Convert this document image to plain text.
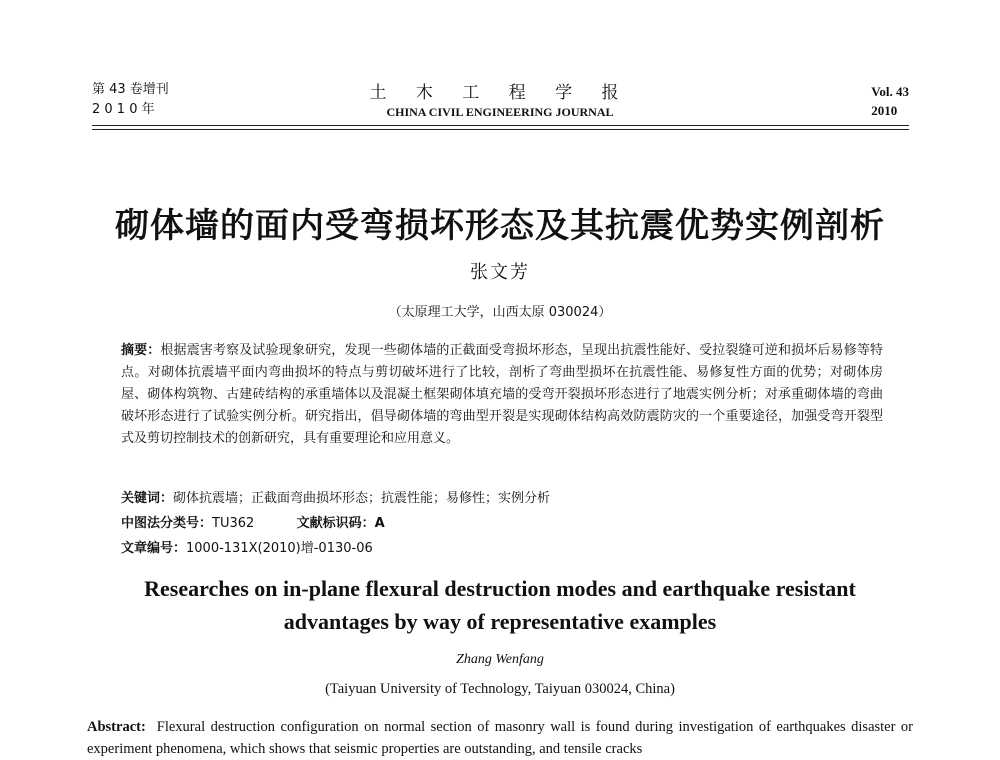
第 43 卷增刊
2 0 1 0 年
土 木 工 程 学 报
CHINA CIVIL ENGINEERING JOURNAL
Vol. 43
2010
砌体墙的面内受弯损坏形态及其抗震优势实例剖析
张文芳
（太原理工大学，山西太原 030024）
摘要：根据震害考察及试验现象研究，发现一些砌体墙的正截面受弯损坏形态，呈现出抗震性能好、受拉裂缝可逆和损坏后易修等特点。对砌体抗震墙平面内弯曲损坏的特点与剪切破坏进行了比较，剖析了弯曲型损坏在抗震性能、易修复性方面的优势；对砌体房屋、砌体构筑物、古建砖结构的承重墙体以及混凝土框架砌体填充墙的受弯开裂损坏形态进行了地震实例分析；对承重砌体墙的弯曲破坏形态进行了试验实例分析。研究指出，倡导砌体墙的弯曲型开裂是实现砌体结构高效防震防灾的一个重要途径，加强受弯开裂型式及剪切控制技术的创新研究，具有重要理论和应用意义。
关键词：砌体抗震墙；正截面弯曲损坏形态；抗震性能；易修性；实例分析
中图法分类号：TU362	文献标识码：A
文章编号：1000-131X(2010)增-0130-06
Researches on in-plane flexural destruction modes and earthquake resistant
advantages by way of representative examples
Zhang Wenfang
(Taiyuan University of Technology, Taiyuan 030024, China)
Abstract: Flexural destruction configuration on normal section of masonry wall is found during investigation of earthquakes disaster or experiment phenomena, which shows that seismic properties are outstanding, and tensile cracks
